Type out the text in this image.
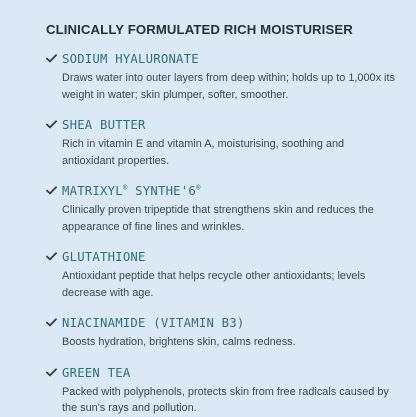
CLINICALLY FORMULATED RICH MOISTURISER
SODIUM HYALURONATE
Draws water into outer layers from deep within; holds up to 1,000x its weight in water; skin plumper, softer, smoother.
SHEA BUTTER
Rich in vitamin E and vitamin A, moisturising, soothing and antioxidant properties.
MATRIXYL® SYNTHE'6®
Clinically proven tripeptide that strengthens skin and reduces the appearance of fine lines and wrinkles.
GLUTATHIONE
Antioxidant peptide that helps recycle other antioxidants; levels decrease with age.
NIACINAMIDE (VITAMIN B3)
Boosts hydration, brightens skin, calms redness.
GREEN TEA
Packed with polyphenols, protects skin from free radicals caused by the sun's rays and pollution.
